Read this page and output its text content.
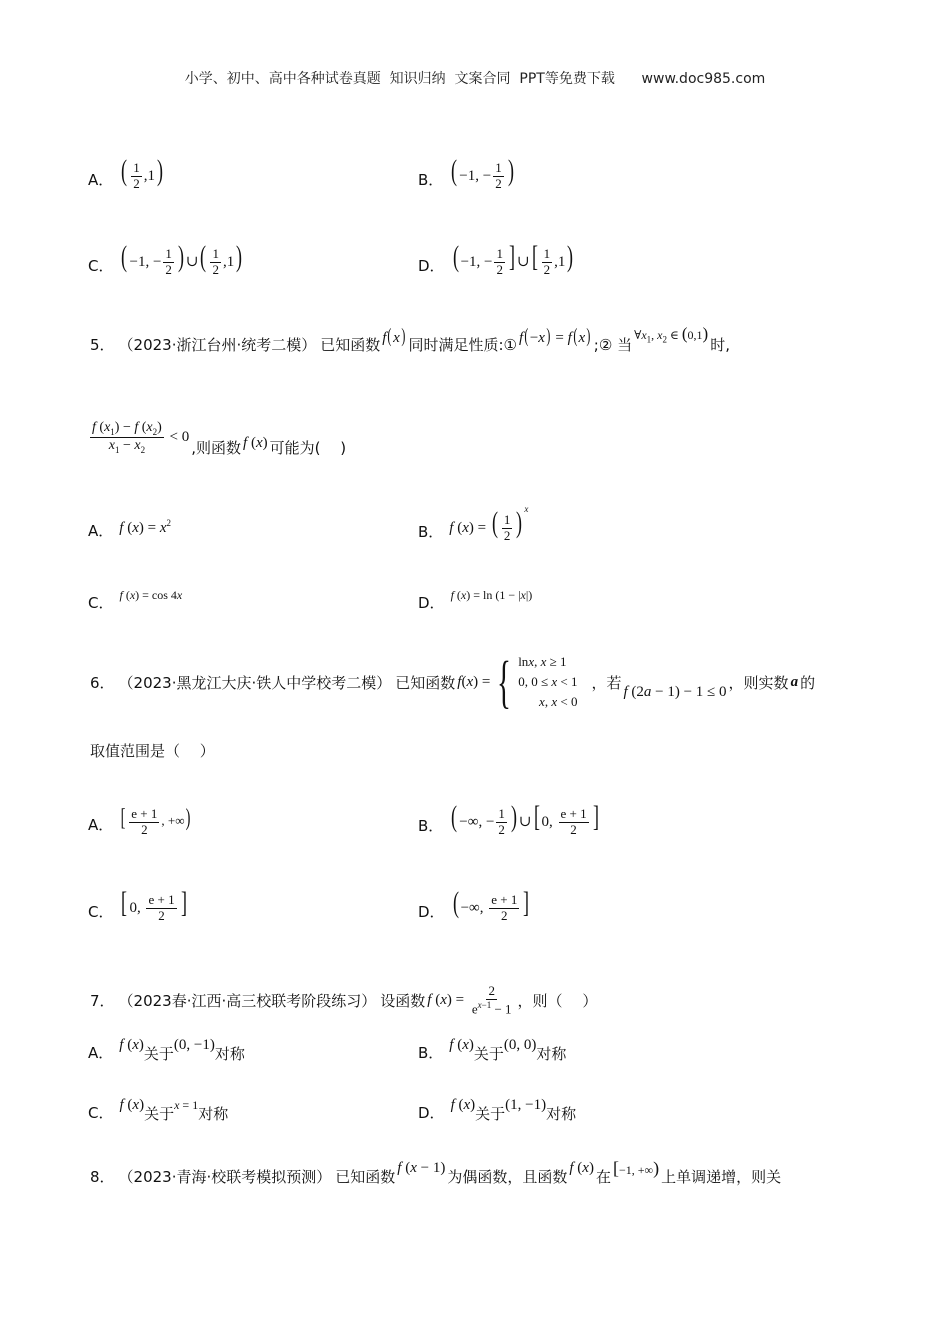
小学、初中、高中各种试卷真题  知识归纳  文案合同  PPT等免费下载      www.doc985.com
A． ( $\frac{1}{2} ,1$)	B． ( −1, − $\frac{1}{2}$ )
C． ( −1, − $\frac{1}{2}$ ) ∪( $\frac{1}{2} ,1$)	D． ( −1, − $\frac{1}{2}$ ] ∪[ $\frac{1}{2} ,1$)
5． （2023·浙江台州·统考二模） 已知函数 f(x) 同时满足性质:① f(−x) = f(x) ;② 当
$\forall x_1$, $x_2$ ∈ (0,1)
时,
$\frac{f (x_1) - f (x_2)}{x_1 - x_2} < 0$
,则函数 f (x) 可能为(　 )
A． f $(x) = x^2$	B． f (x) = ( $\frac{1}{2}$ ) $^x$
C． f (x) = cos 4x	D． f (x) = ln (1 − |x|)
6． （2023·黑龙江大庆·铁人中学校考二模） 已知函数 f ( x ) = { lnx, x ≥ 1
0, 0 ≤ x < 1
x, x < 0
，若 f (2a − 1) − 1 ≤ 0 ，则实数 a 的
取值范围是（　 ）
A． [ $\frac{e + 1}{2}$ , +∞)	B． ( −∞, − $\frac{1}{2}$ ) ∪[ 0, $\frac{e + 1}{2}$ ]
C． [ 0, $\frac{e + 1}{2}$ ]	D． ( −∞, $\frac{e + 1}{2}$ ]
7． （2023春·江西·高三校联考阶段练习） 设函数 f $(x) = \frac{2}{e^{x-1} - 1}$ ，则（　 ）
A． f (x) 关于 (0, −1) 对称	B． f (x) 关于 (0, 0) 对称
C． f (x) 关于 x = 1 对称	D． f (x) 关于 (1, −1) 对称
8． （2023·青海·校联考模拟预测） 已知函数 f (x − 1) 为偶函数，且函数 f (x) 在 [−1, +∞) 上单调递增，则关
